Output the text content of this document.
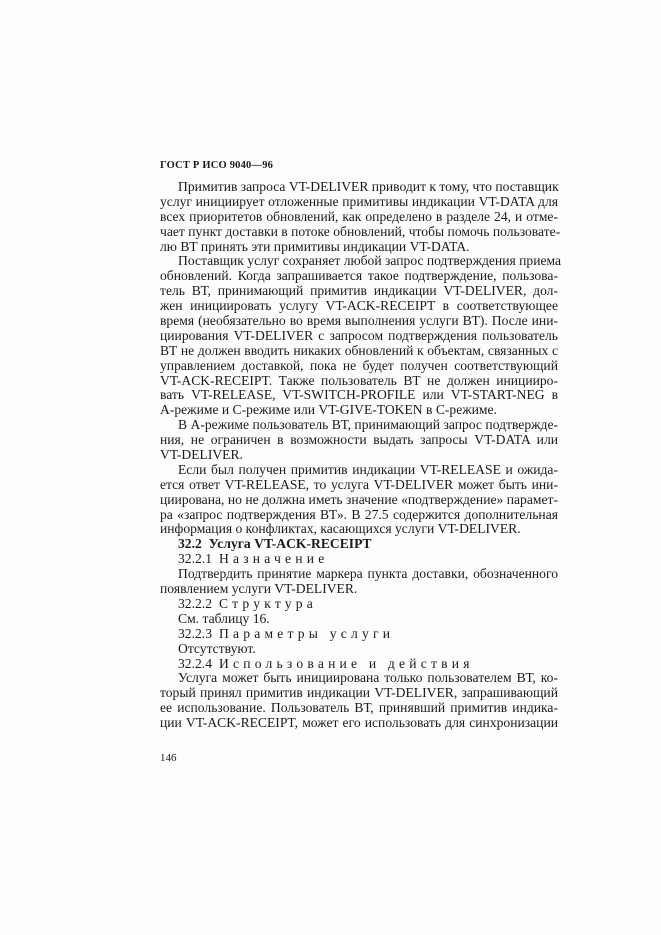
ГОСТ Р ИСО 9040—96
Примитив запроса VT-DELIVER приводит к тому, что поставщик
услуг инициирует отложенные примитивы индикации VT-DATA для
всех приоритетов обновлений, как определено в разделе 24, и отме-
чает пункт доставки в потоке обновлений, чтобы помочь пользовате-
лю ВТ принять эти примитивы индикации VT-DATA.
Поставщик услуг сохраняет любой запрос подтверждения приема
обновлений. Когда запрашивается такое подтверждение, пользова-
тель ВТ, принимающий примитив индикации VT-DELIVER, дол-
жен инициировать услугу VT-ACK-RECEIPT в соответствующее
время (необязательно во время выполнения услуги ВТ). После ини-
циирования VT-DELIVER с запросом подтверждения пользователь
ВТ не должен вводить никаких обновлений к объектам, связанных с
управлением доставкой, пока не будет получен соответствующий
VT-ACK-RECEIPT. Также пользователь ВТ не должен иницииро-
вать VT-RELEASE, VT-SWITCH-PROFILE или VT-START-NEG в
А-режиме и С-режиме или VT-GIVE-TOKEN в С-режиме.
В А-режиме пользователь ВТ, принимающий запрос подтвержде-
ния, не ограничен в возможности выдать запросы VT-DATA или
VT-DELIVER.
Если был получен примитив индикации VT-RELEASE и ожида-
ется ответ VT-RELEASE, то услуга VT-DELIVER может быть ини-
циирована, но не должна иметь значение «подтверждение» парамет-
ра «запрос подтверждения ВТ». В 27.5 содержится дополнительная
информация о конфликтах, касающихся услуги VT-DELIVER.
32.2 Услуга VT-ACK-RECEIPT
32.2.1 Назначение
Подтвердить принятие маркера пункта доставки, обозначенного
появлением услуги VT-DELIVER.
32.2.2 Структура
См. таблицу 16.
32.2.3 Параметры услуги
Отсутствуют.
32.2.4 Использование и действия
Услуга может быть инициирована только пользователем ВТ, ко-
торый принял примитив индикации VT-DELIVER, запрашивающий
ее использование. Пользователь ВТ, принявший примитив индика-
ции VT-ACK-RECEIPT, может его использовать для синхронизации
146
